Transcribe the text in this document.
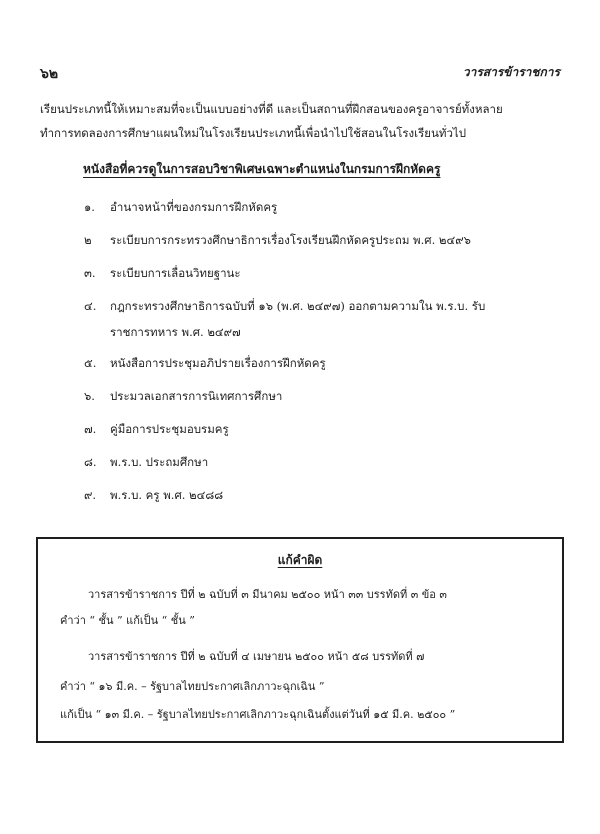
๖๒	วารสารข้าราชการ

เรียนประเภทนี้ให้เหมาะสมที่จะเป็นแบบอย่างที่ดี และเป็นสถานที่ฝึกสอนของครูอาจารย์ทั้งหลาย

ทำการทดลองการศึกษาแผนใหม่ในโรงเรียนประเภทนี้เพื่อนำไปใช้สอนในโรงเรียนทั่วไป

หนังสือที่ควรดูในการสอบวิชาพิเศษเฉพาะตำแหน่งในกรมการฝึกหัดครู
๑.	อำนาจหน้าที่ของกรมการฝึกหัดครู
๒	ระเบียบการกระทรวงศึกษาธิการเรื่องโรงเรียนฝึกหัดครูประถม พ.ศ. ๒๔๙๖
๓.	ระเบียบการเลื่อนวิทยฐานะ
๔.	กฎกระทรวงศึกษาธิการฉบับที่ ๑๖ (พ.ศ. ๒๔๙๗) ออกตามความใน พ.ร.บ. รับ
ราชการทหาร พ.ศ. ๒๔๙๗
๕.	หนังสือการประชุมอภิปรายเรื่องการฝึกหัดครู
๖.	ประมวลเอกสารการนิเทศการศึกษา
๗.	คู่มือการประชุมอบรมครู
๘.	พ.ร.บ. ประถมศึกษา
๙.	พ.ร.บ. ครู พ.ศ. ๒๔๘๘
แก้คำผิด
วารสารข้าราชการ ปีที่ ๒ ฉบับที่ ๓ มีนาคม ๒๕๐๐ หน้า ๓๓ บรรทัดที่ ๓ ข้อ ๓
คำว่า “ ชั้น ” แก้เป็น “ ชั้น ”
วารสารข้าราชการ ปีที่ ๒ ฉบับที่ ๔ เมษายน ๒๕๐๐ หน้า ๕๘ บรรทัดที่ ๗
คำว่า “ ๑๖ มี.ค. – รัฐบาลไทยประกาศเลิกภาวะฉุกเฉิน ”
แก้เป็น “ ๑๓ มี.ค. – รัฐบาลไทยประกาศเลิกภาวะฉุกเฉินตั้งแต่วันที่ ๑๕ มี.ค. ๒๕๐๐ ”
